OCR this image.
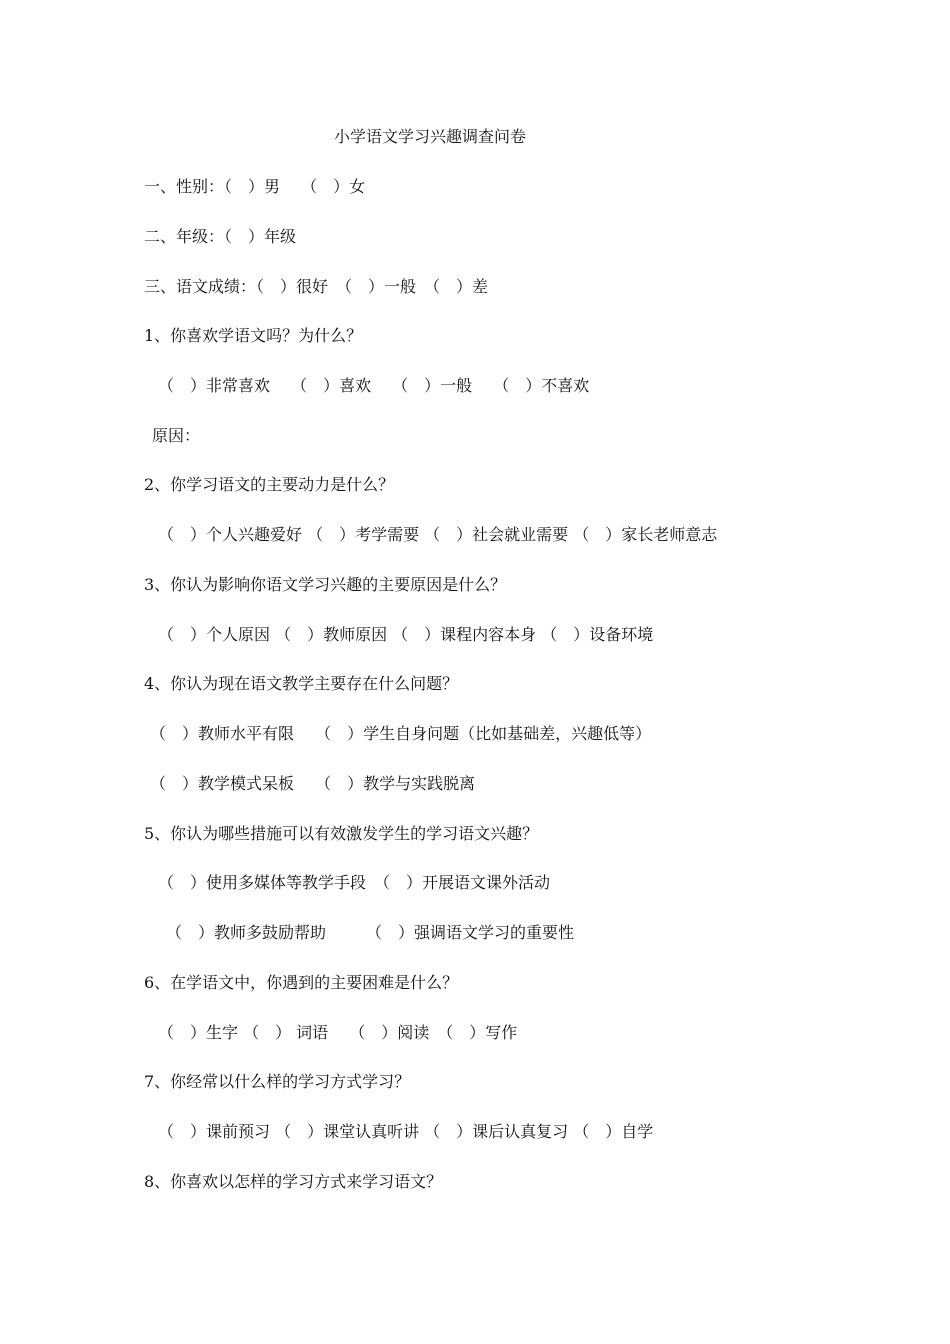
小学语文学习兴趣调查问卷
一、性别：（　）男　 （　）女
二、年级：（　）年级
三、语文成绩：（　）很好　（　）一般　（　）差
1、你喜欢学语文吗？为什么？
（　）非常喜欢　 （　）喜欢　 （　）一般　 （　）不喜欢
原因：
2、你学习语文的主要动力是什么？
（　）个人兴趣爱好 （　）考学需要 （　）社会就业需要 （　）家长老师意志
3、你认为影响你语文学习兴趣的主要原因是什么？
（　）个人原因 （　）教师原因 （　）课程内容本身 （　）设备环境
4、你认为现在语文教学主要存在什么问题？
（　）教师水平有限　 （　）学生自身问题（比如基础差，兴趣低等）
（　）教学模式呆板　 （　）教学与实践脱离
5、你认为哪些措施可以有效激发学生的学习语文兴趣？
（　）使用多媒体等教学手段　（　）开展语文课外活动
（　）教师多鼓励帮助　　　（　）强调语文学习的重要性
6、在学语文中，你遇到的主要困难是什么？
（　）生字 （　） 词语　 （　）阅读　（　）写作
7、你经常以什么样的学习方式学习？
（　）课前预习 （　）课堂认真听讲 （　）课后认真复习 （　）自学
8、你喜欢以怎样的学习方式来学习语文？
